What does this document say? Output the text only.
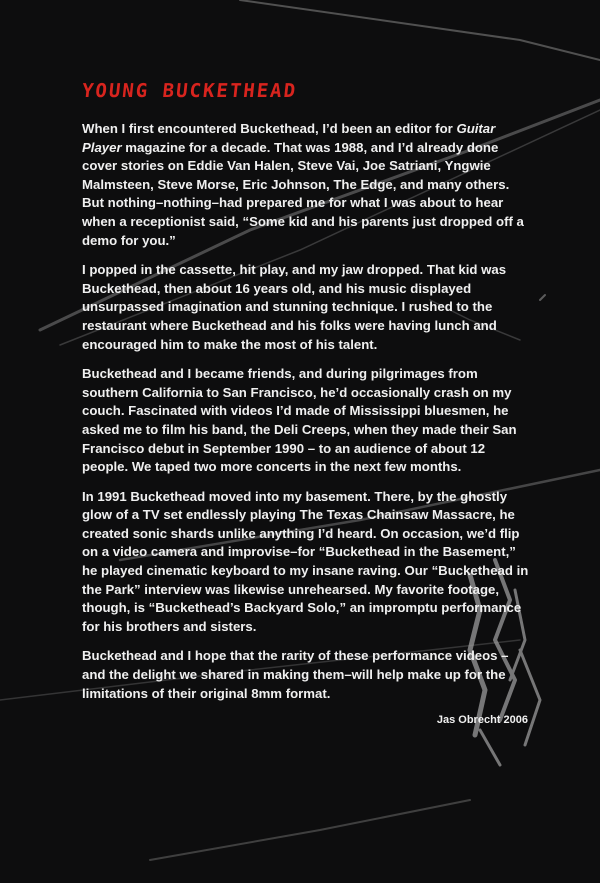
YOUNG BUCKETHEAD

When I first encountered Buckethead, I’d been an editor for Guitar Player magazine for a decade. That was 1988, and I’d already done cover stories on Eddie Van Halen, Steve Vai, Joe Satriani, Yngwie Malmsteen, Steve Morse, Eric Johnson, The Edge, and many others. But nothing–nothing–had prepared me for what I was about to hear when a receptionist said, “Some kid and his parents just dropped off a demo for you.”

I popped in the cassette, hit play, and my jaw dropped. That kid was Buckethead, then about 16 years old, and his music displayed unsurpassed imagination and stunning technique. I rushed to the restaurant where Buckethead and his folks were having lunch and encouraged him to make the most of his talent.

Buckethead and I became friends, and during pilgrimages from southern California to San Francisco, he’d occasionally crash on my couch. Fascinated with videos I’d made of Mississippi bluesmen, he asked me to film his band, the Deli Creeps, when they made their San Francisco debut in September 1990 – to an audience of about 12 people. We taped two more concerts in the next few months.

In 1991 Buckethead moved into my basement. There, by the ghostly glow of a TV set endlessly playing The Texas Chainsaw Massacre, he created sonic shards unlike anything I’d heard. On occasion, we’d flip on a video camera and improvise–for “Buckethead in the Basement,” he played cinematic keyboard to my insane raving. Our “Buckethead in the Park” interview was likewise unrehearsed. My favorite footage, though, is “Buckethead’s Backyard Solo,” an impromptu performance for his brothers and sisters.

Buckethead and I hope that the rarity of these performance videos – and the delight we shared in making them–will help make up for the limitations of their original 8mm format.

Jas Obrecht 2006
